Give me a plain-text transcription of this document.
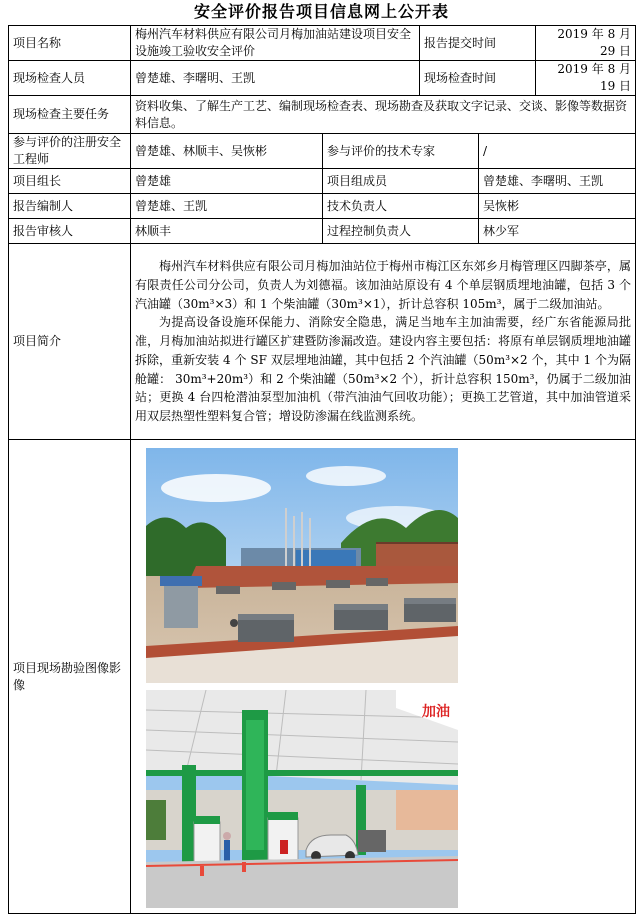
安全评价报告项目信息网上公开表
项目名称	梅州汽车材料供应有限公司月梅加油站建设项目安全设施竣工验收安全评价		报告提交时间		2019 年 8 月 29 日
现场检查人员	曾楚雄、李曙明、王凯		现场检查时间		2019 年 8 月 19 日
现场检查主要任务	资料收集、了解生产工艺、编制现场检查表、现场勘查及获取文字记录、交谈、影像等数据资料信息。				
参与评价的注册安全工程师	曾楚雄、林顺丰、吴恢彬	参与评价的技术专家		/	
项目组长	曾楚雄	项目组成员		曾楚雄、李曙明、王凯	
报告编制人	曾楚雄、王凯	技术负责人		吴恢彬	
报告审核人	林顺丰	过程控制负责人		林少军	
项目简介	梅州汽车材料供应有限公司月梅加油站位于梅州市梅江区东郊乡月梅管理区四脚茶亭，属有限责任公司分公司，负责人为刘德福。该加油站原设有 4 个单层钢质埋地油罐，包括 3 个汽油罐（30m³×3）和 1 个柴油罐（30m³×1），折计总容积 105m³，属于二级加油站。

为提高设备设施环保能力、消除安全隐患，满足当地车主加油需要，经广东省能源局批准，月梅加油站拟进行罐区扩建暨防渗漏改造。建设内容主要包括：将原有单层钢质埋地油罐拆除，重新安装 4 个 SF 双层埋地油罐，其中包括 2 个汽油罐（50m³×2 个，其中 1 个为隔舱罐： 30m³+20m³）和 2 个柴油罐（50m³×2 个），折计总容积 150m³，仍属于二级加油站；更换 4 台四枪潜油泵型加油机（带汽油油气回收功能）；更换工艺管道，其中加油管道采用双层热塑性塑料复合管；增设防渗漏在线监测系统。				

项目现场勘验图像影像	加油				
